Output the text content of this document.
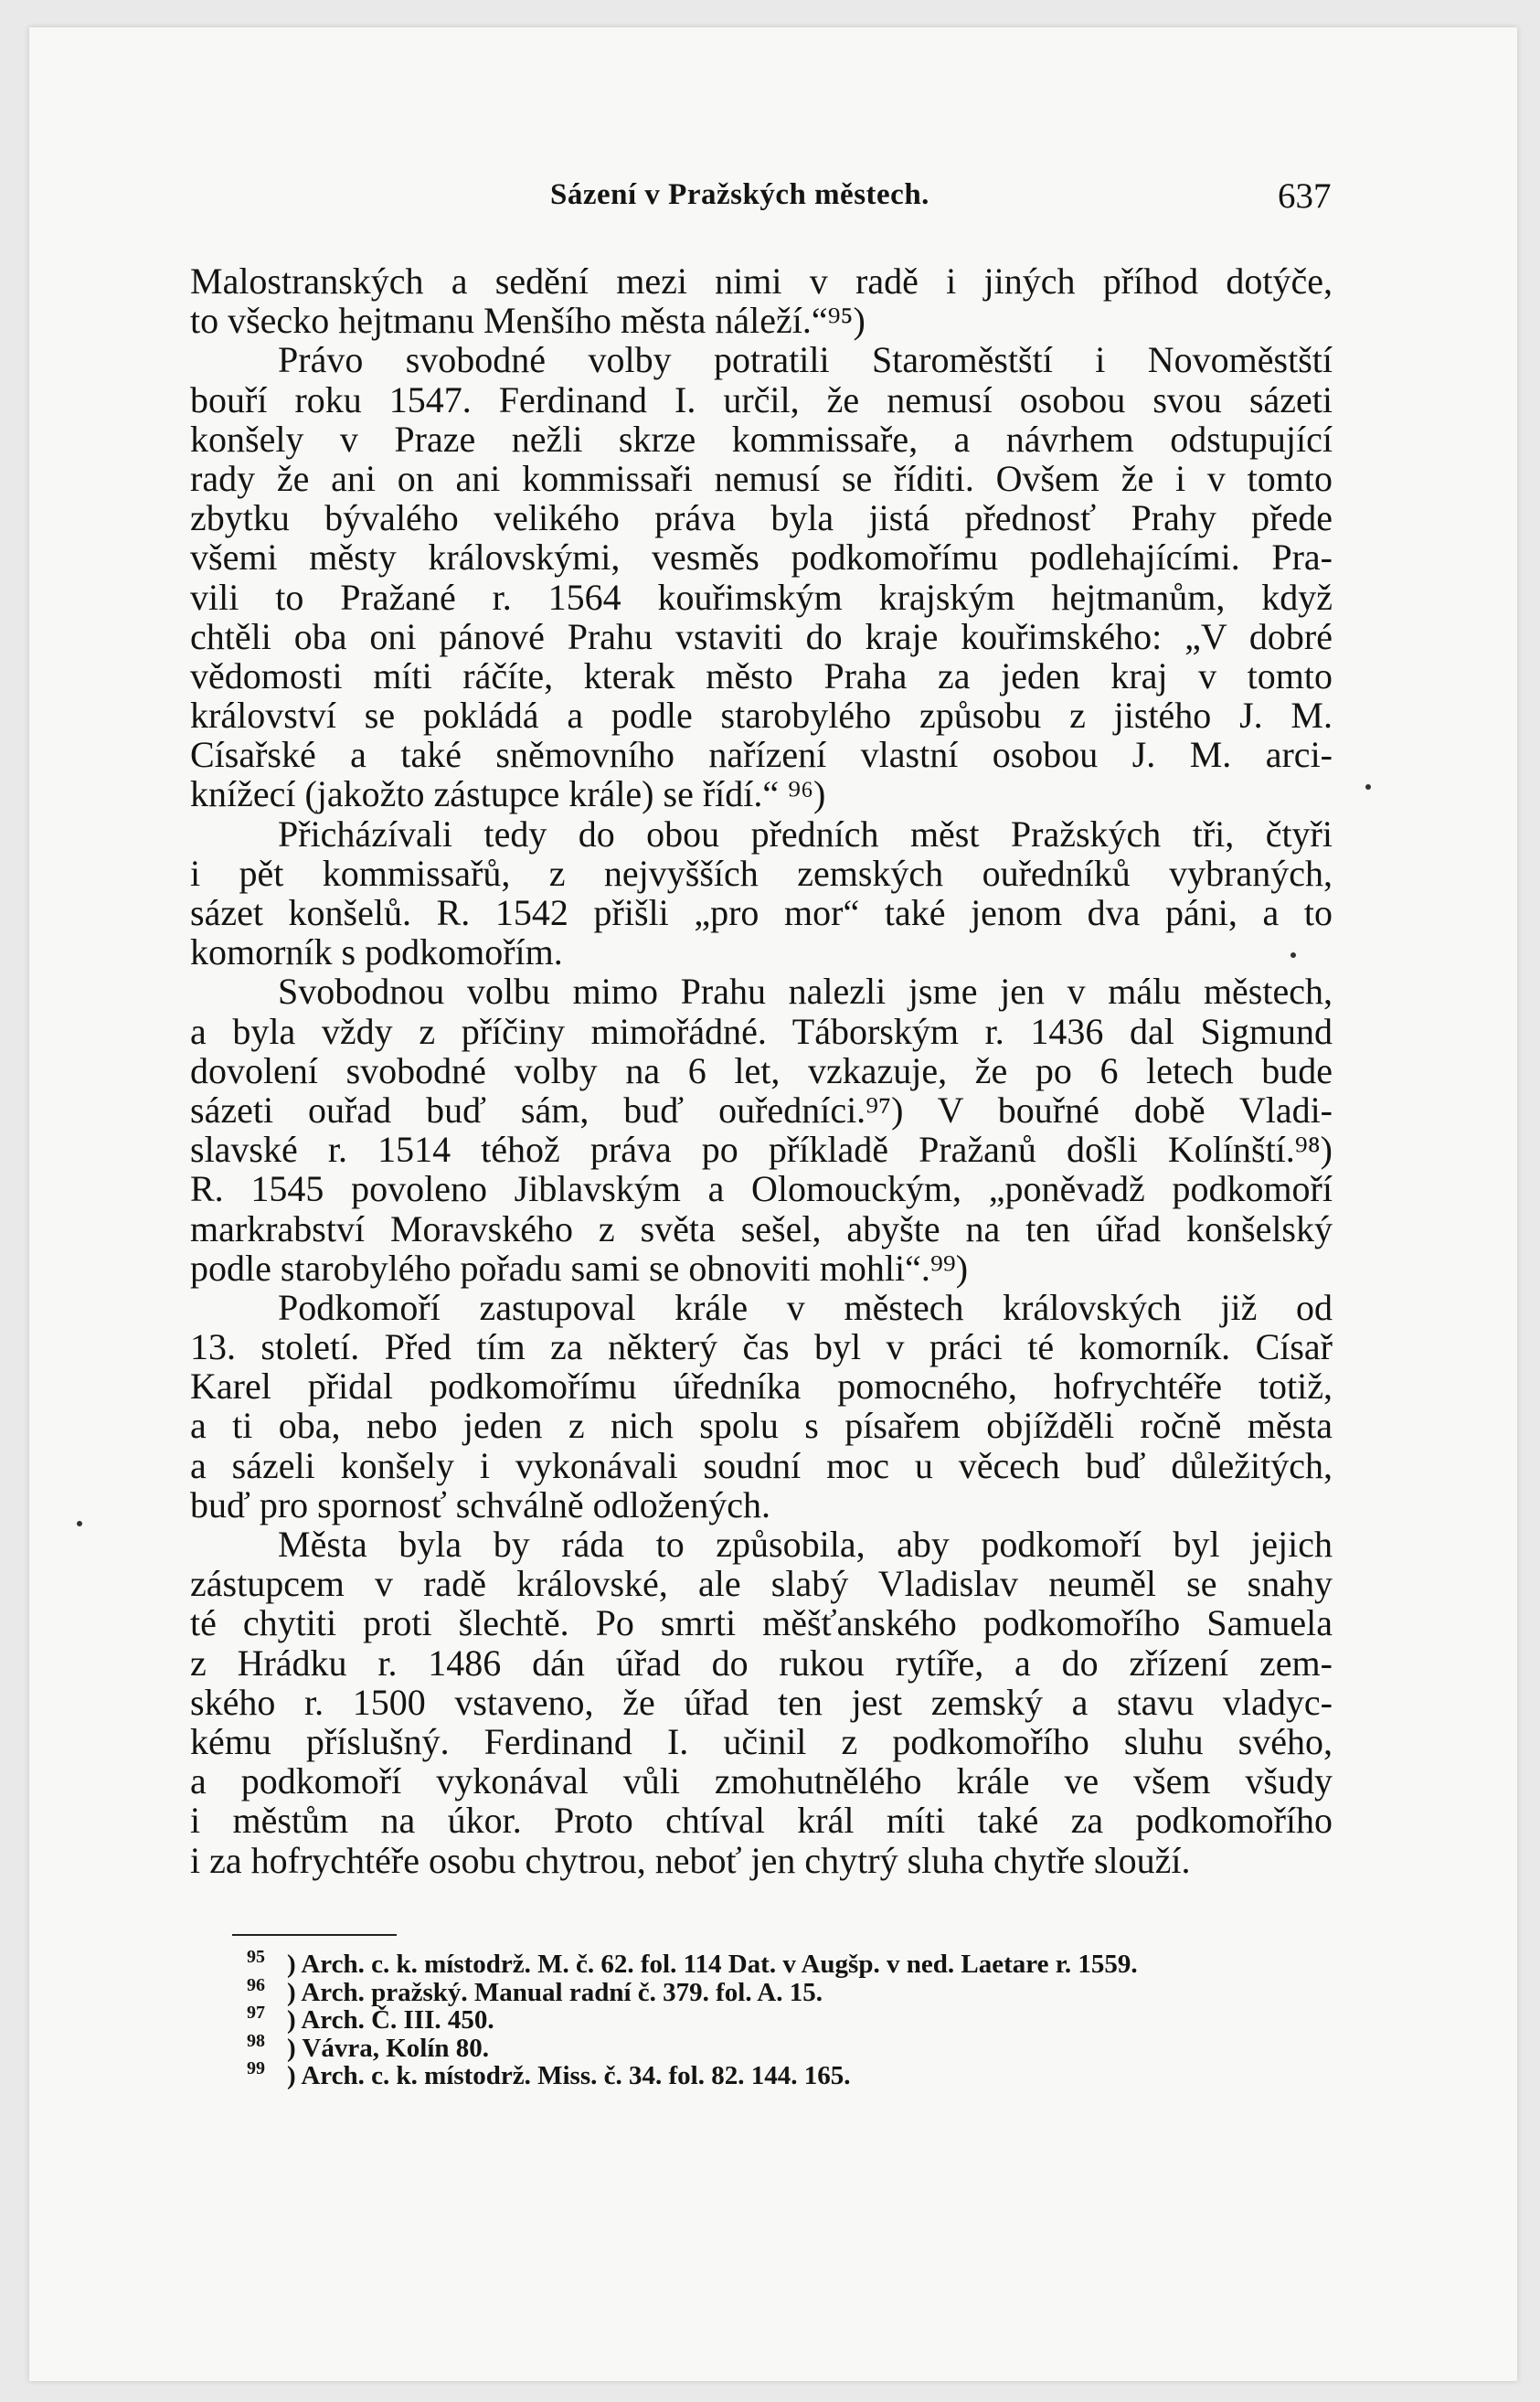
Sázení v Pražských městech.	637
Malostranských a sedění mezi nimi v radě i jiných příhod dotýče,
to všecko hejtmanu Menšího města náleží.“⁹⁵)
Právo svobodné volby potratili Staroměstští i Novoměstští
bouří roku 1547. Ferdinand I. určil, že nemusí osobou svou sázeti
konšely v Praze nežli skrze kommissaře, a návrhem odstupující
rady že ani on ani kommissaři nemusí se říditi. Ovšem že i v tomto
zbytku bývalého velikého práva byla jistá přednosť Prahy přede
všemi městy královskými, vesměs podkomořímu podlehajícími. Pra-
vili to Pražané r. 1564 kouřimským krajským hejtmanům, když
chtěli oba oni pánové Prahu vstaviti do kraje kouřimského: „V dobré
vědomosti míti ráčíte, kterak město Praha za jeden kraj v tomto
království se pokládá a podle starobylého způsobu z jistého J. M.
Císařské a také sněmovního nařízení vlastní osobou J. M. arci-
knížecí (jakožto zástupce krále) se řídí.“ ⁹⁶)
Přicházívali tedy do obou předních měst Pražských tři, čtyři
i pět kommissařů, z nejvyšších zemských ouředníků vybraných,
sázet konšelů. R. 1542 přišli „pro mor“ také jenom dva páni, a to
komorník s podkomořím.
Svobodnou volbu mimo Prahu nalezli jsme jen v málu městech,
a byla vždy z příčiny mimořádné. Táborským r. 1436 dal Sigmund
dovolení svobodné volby na 6 let, vzkazuje, že po 6 letech bude
sázeti ouřad buď sám, buď ouředníci.⁹⁷) V bouřné době Vladi-
slavské r. 1514 téhož práva po příkladě Pražanů došli Kolínští.⁹⁸)
R. 1545 povoleno Jiblavským a Olomouckým, „poněvadž podkomoří
markrabství Moravského z světa sešel, abyšte na ten úřad konšelský
podle starobylého pořadu sami se obnoviti mohli“.⁹⁹)
Podkomoří zastupoval krále v městech královských již od
13. století. Před tím za některý čas byl v práci té komorník. Císař
Karel přidal podkomořímu úředníka pomocného, hofrychtéře totiž,
a ti oba, nebo jeden z nich spolu s písařem objížděli ročně města
a sázeli konšely i vykonávali soudní moc u věcech buď důležitých,
buď pro spornosť schválně odložených.
Města byla by ráda to způsobila, aby podkomoří byl jejich
zástupcem v radě královské, ale slabý Vladislav neuměl se snahy
té chytiti proti šlechtě. Po smrti měšťanského podkomořího Samuela
z Hrádku r. 1486 dán úřad do rukou rytíře, a do zřízení zem-
ského r. 1500 vstaveno, že úřad ten jest zemský a stavu vladyc-
kému příslušný. Ferdinand I. učinil z podkomořího sluhu svého,
a podkomoří vykonával vůli zmohutnělého krále ve všem všudy
i městům na úkor. Proto chtíval král míti také za podkomořího
i za hofrychtéře osobu chytrou, neboť jen chytrý sluha chytře slouží.
95 ) Arch. c. k. místodrž. M. č. 62. fol. 114 Dat. v Augšp. v ned. Laetare r. 1559.
96 ) Arch. pražský. Manual radní č. 379. fol. A. 15.
97 ) Arch. Č. III. 450.
98 ) Vávra, Kolín 80.
99 ) Arch. c. k. místodrž. Miss. č. 34. fol. 82. 144. 165.
